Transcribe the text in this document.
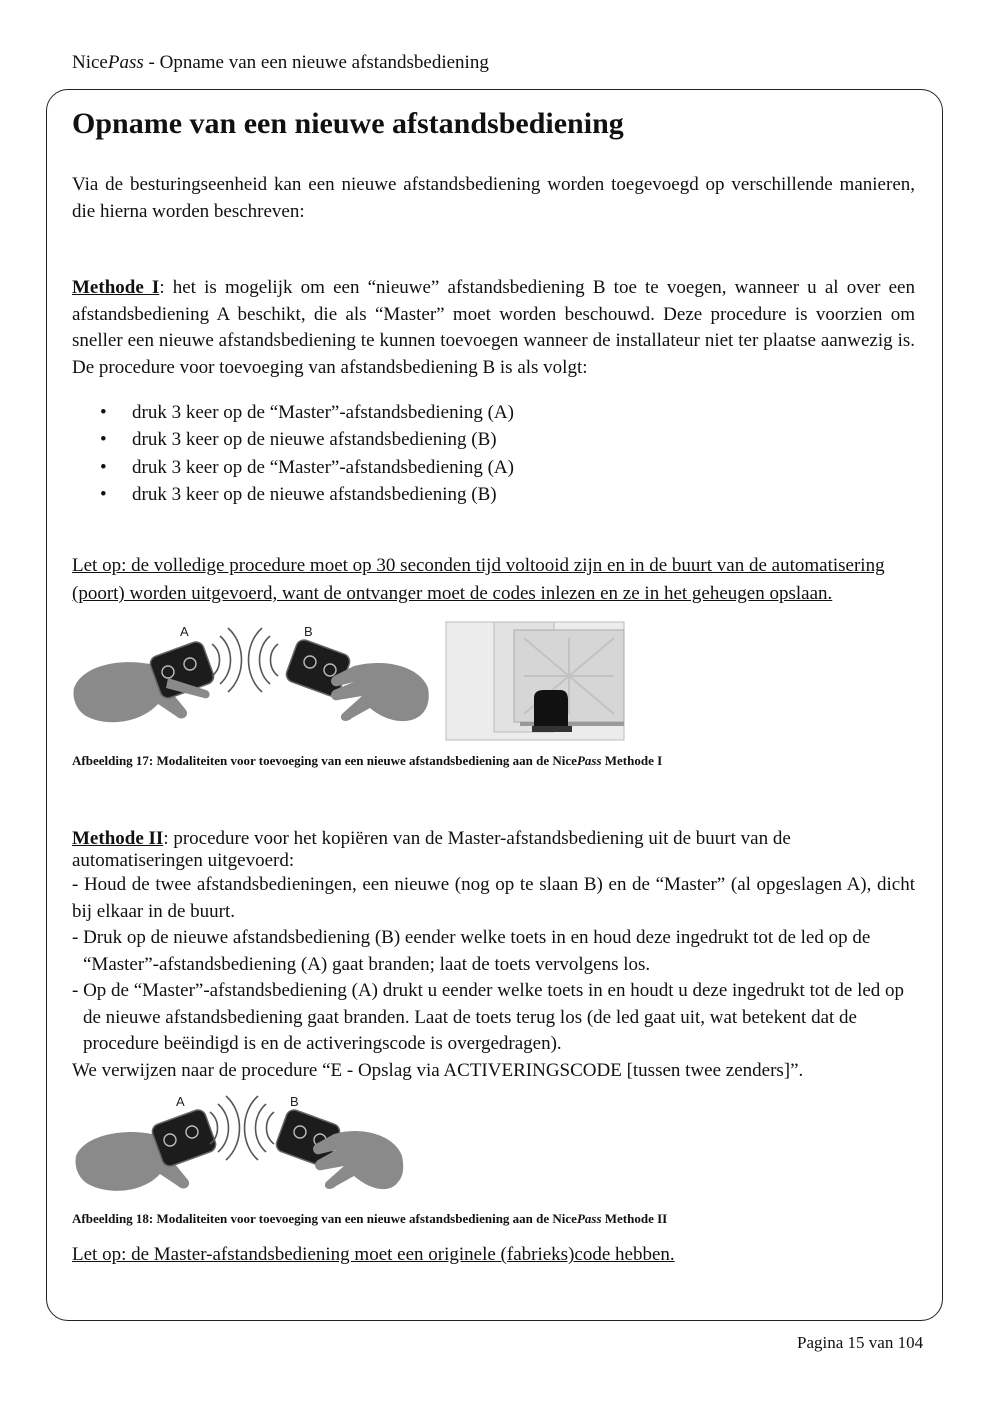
NicePass - Opname van een nieuwe afstandsbediening
Opname van een nieuwe afstandsbediening

Via de besturingseenheid kan een nieuwe afstandsbediening worden toegevoegd op verschillende manieren, die hierna worden beschreven:

Methode I: het is mogelijk om een “nieuwe” afstandsbediening B toe te voegen, wanneer u al over een afstandsbediening A beschikt, die als “Master” moet worden beschouwd. Deze procedure is voorzien om sneller een nieuwe afstandsbediening te kunnen toevoegen wanneer de installateur niet ter plaatse aanwezig is. De procedure voor toevoeging van afstandsbediening B is als volgt:

• druk 3 keer op de “Master”-afstandsbediening (A)
• druk 3 keer op de nieuwe afstandsbediening (B)
• druk 3 keer op de “Master”-afstandsbediening (A)
• druk 3 keer op de nieuwe afstandsbediening (B)

Let op: de volledige procedure moet op 30 seconden tijd voltooid zijn en in de buurt van de automatisering (poort) worden uitgevoerd, want de ontvanger moet de codes inlezen en ze in het geheugen opslaan.

A	B
Afbeelding 17: Modaliteiten voor toevoeging van een nieuwe afstandsbediening aan de NicePass Methode I

Methode II: procedure voor het kopiëren van de Master-afstandsbediening uit de buurt van de automatiseringen uitgevoerd:

- Houd de twee afstandsbedieningen, een nieuwe (nog op te slaan B) en de “Master” (al opgeslagen A), dicht bij elkaar in de buurt.

- Druk op de nieuwe afstandsbediening (B) eender welke toets in en houd deze ingedrukt tot de led op de “Master”-afstandsbediening (A) gaat branden; laat de toets vervolgens los.

- Op de “Master”-afstandsbediening (A) drukt u eender welke toets in en houdt u deze ingedrukt tot de led op de nieuwe afstandsbediening gaat branden. Laat de toets terug los (de led gaat uit, wat betekent dat de procedure beëindigd is en de activeringscode is overgedragen).

We verwijzen naar de procedure “E - Opslag via ACTIVERINGSCODE [tussen twee zenders]”.

A	B
Afbeelding 18: Modaliteiten voor toevoeging van een nieuwe afstandsbediening aan de NicePass Methode II

Let op: de Master-afstandsbediening moet een originele (fabrieks)code hebben.

Pagina 15 van 104
